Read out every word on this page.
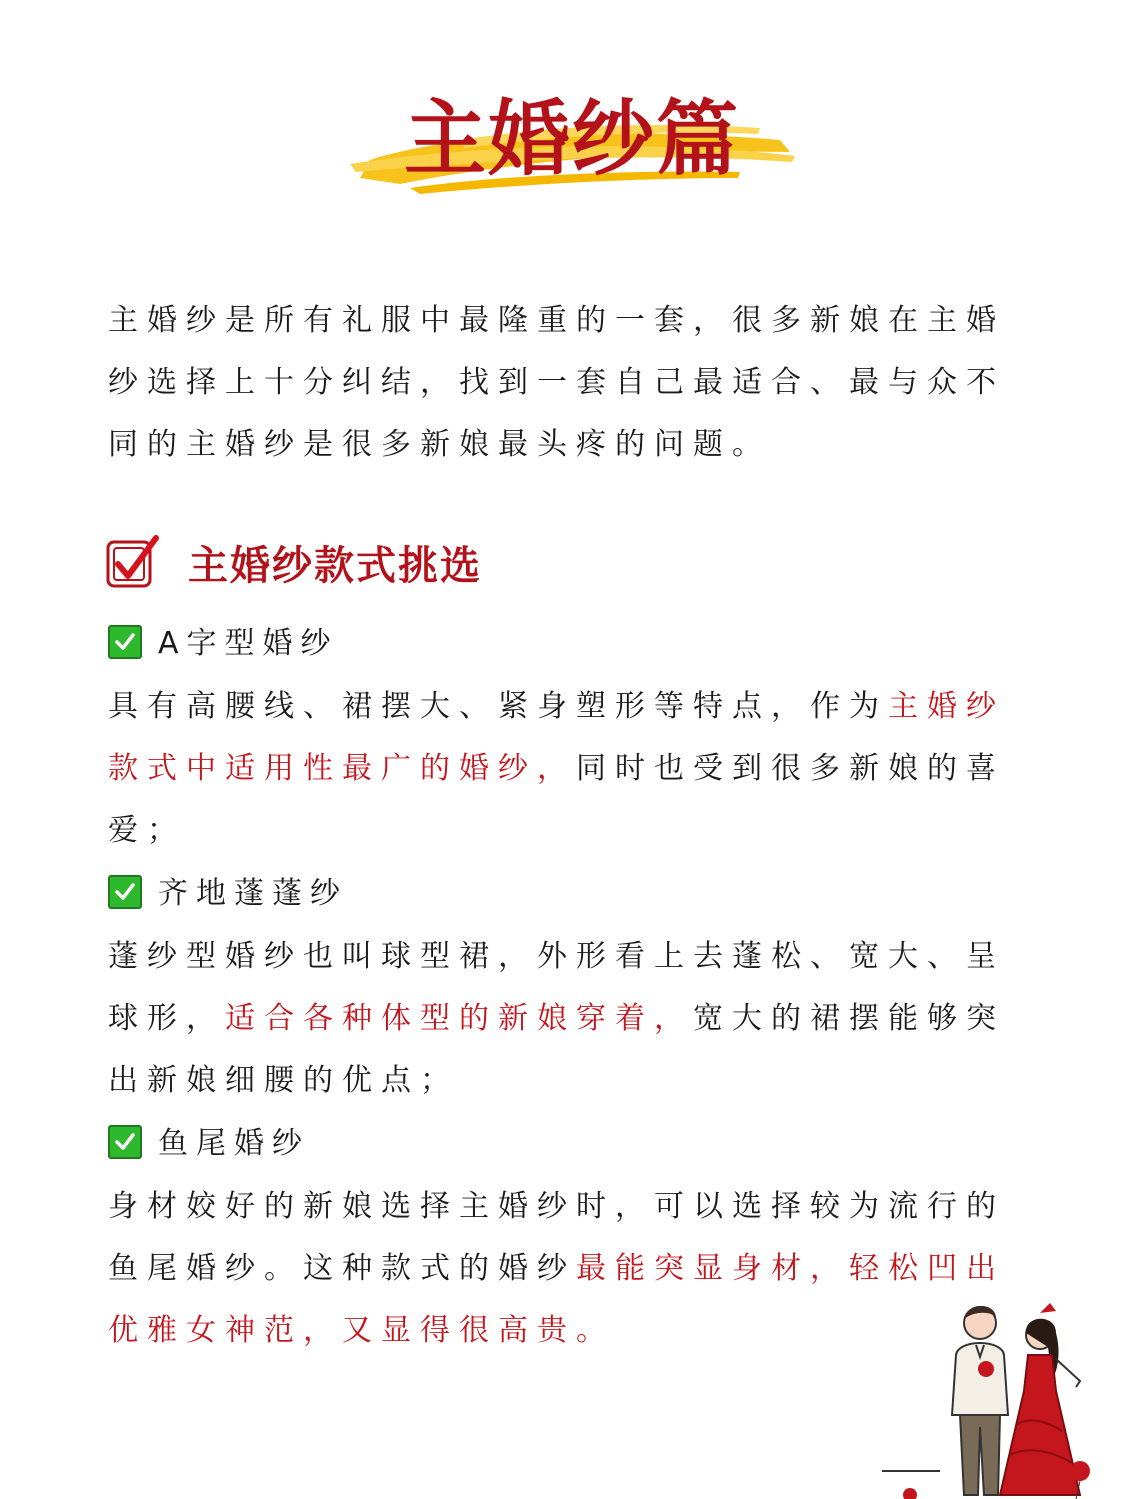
主婚纱篇
主婚纱是所有礼服中最隆重的一套，很多新娘在主婚纱选择上十分纠结，找到一套自己最适合、最与众不同的主婚纱是很多新娘最头疼的问题。
主婚纱款式挑选
A字型婚纱
具有高腰线、裙摆大、紧身塑形等特点，作为主婚纱款式中适用性最广的婚纱，同时也受到很多新娘的喜爱；
齐地蓬蓬纱
蓬纱型婚纱也叫球型裙，外形看上去蓬松、宽大、呈球形，适合各种体型的新娘穿着，宽大的裙摆能够突出新娘细腰的优点；
鱼尾婚纱
身材姣好的新娘选择主婚纱时，可以选择较为流行的鱼尾婚纱。这种款式的婚纱最能突显身材，轻松凹出优雅女神范，又显得很高贵。
